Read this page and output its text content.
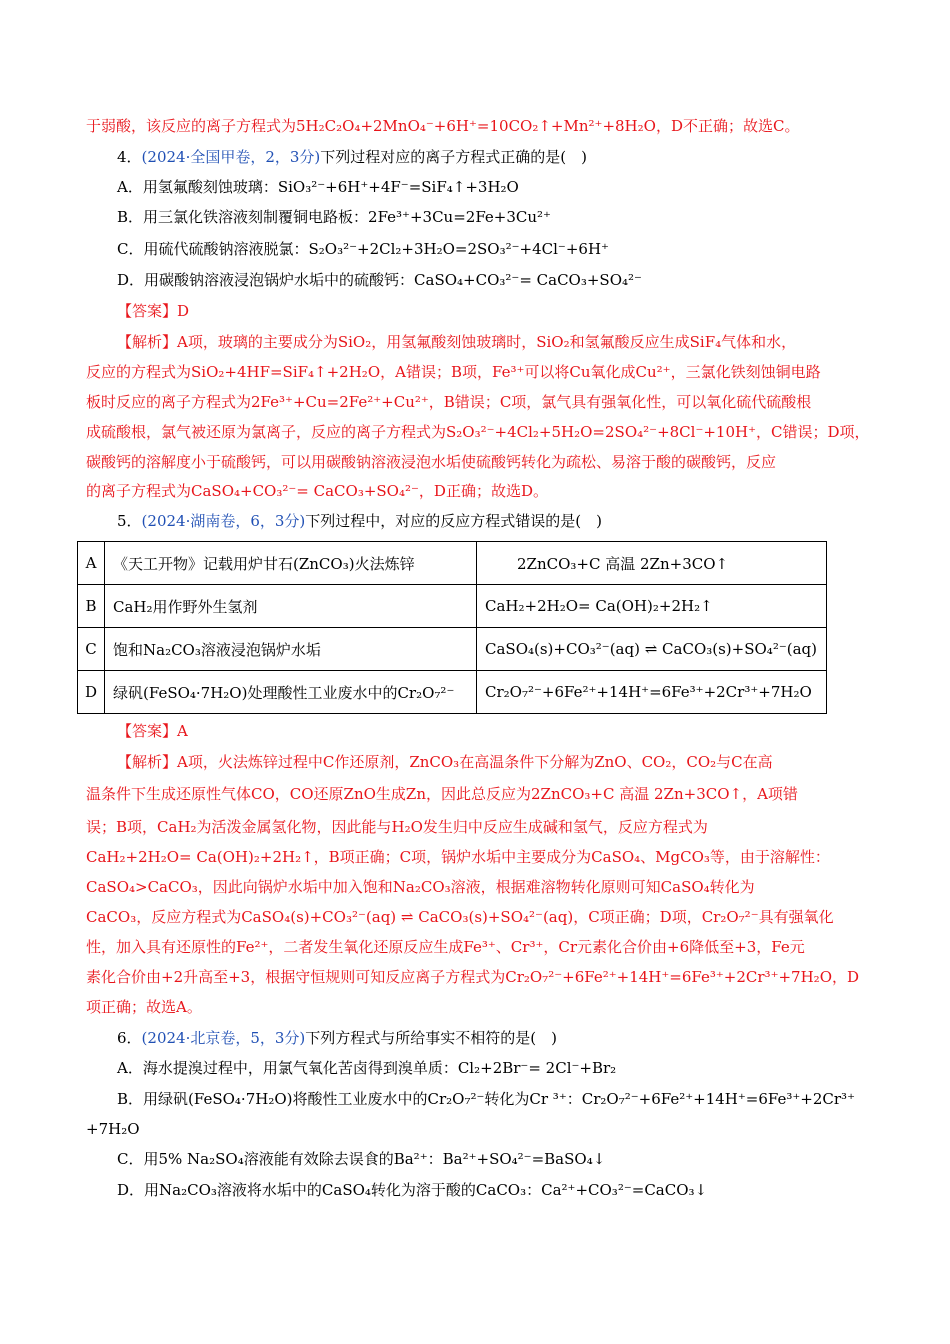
于弱酸，该反应的离子方程式为5H₂C₂O₄+2MnO₄⁻+6H⁺=10CO₂↑+Mn²⁺+8H₂O，D不正确；故选C。
4．(2024·全国甲卷，2，3分)下列过程对应的离子方程式正确的是(　)
A．用氢氟酸刻蚀玻璃：SiO₃²⁻+6H⁺+4F⁻=SiF₄↑+3H₂O
B．用三氯化铁溶液刻制覆铜电路板：2Fe³⁺+3Cu=2Fe+3Cu²⁺
C．用硫代硫酸钠溶液脱氯：S₂O₃²⁻+2Cl₂+3H₂O=2SO₃²⁻+4Cl⁻+6H⁺
D．用碳酸钠溶液浸泡锅炉水垢中的硫酸钙：CaSO₄+CO₃²⁻= CaCO₃+SO₄²⁻
【答案】D
【解析】A项，玻璃的主要成分为SiO₂，用氢氟酸刻蚀玻璃时，SiO₂和氢氟酸反应生成SiF₄气体和水，
反应的方程式为SiO₂+4HF=SiF₄↑+2H₂O，A错误；B项，Fe³⁺可以将Cu氧化成Cu²⁺，三氯化铁刻蚀铜电路
板时反应的离子方程式为2Fe³⁺+Cu=2Fe²⁺+Cu²⁺，B错误；C项，氯气具有强氧化性，可以氧化硫代硫酸根
成硫酸根，氯气被还原为氯离子，反应的离子方程式为S₂O₃²⁻+4Cl₂+5H₂O=2SO₄²⁻+8Cl⁻+10H⁺，C错误；D项，
碳酸钙的溶解度小于硫酸钙，可以用碳酸钠溶液浸泡水垢使硫酸钙转化为疏松、易溶于酸的碳酸钙，反应
的离子方程式为CaSO₄+CO₃²⁻= CaCO₃+SO₄²⁻，D正确；故选D。
5．(2024·湖南卷，6，3分)下列过程中，对应的反应方程式错误的是(　)
A	《天工开物》记载用炉甘石(ZnCO₃)火法炼锌	2ZnCO₃+C 高温 2Zn+3CO↑
B	CaH₂用作野外生氢剂	CaH₂+2H₂O= Ca(OH)₂+2H₂↑
C	饱和Na₂CO₃溶液浸泡锅炉水垢	CaSO₄(s)+CO₃²⁻(aq) ⇌ CaCO₃(s)+SO₄²⁻(aq)
D	绿矾(FeSO₄·7H₂O)处理酸性工业废水中的Cr₂O₇²⁻	Cr₂O₇²⁻+6Fe²⁺+14H⁺=6Fe³⁺+2Cr³⁺+7H₂O
【答案】A
【解析】A项，火法炼锌过程中C作还原剂，ZnCO₃在高温条件下分解为ZnO、CO₂，CO₂与C在高
温条件下生成还原性气体CO，CO还原ZnO生成Zn，因此总反应为2ZnCO₃+C 高温 2Zn+3CO↑，A项错
误；B项，CaH₂为活泼金属氢化物，因此能与H₂O发生归中反应生成碱和氢气，反应方程式为
CaH₂+2H₂O= Ca(OH)₂+2H₂↑，B项正确；C项，锅炉水垢中主要成分为CaSO₄、MgCO₃等，由于溶解性：
CaSO₄>CaCO₃，因此向锅炉水垢中加入饱和Na₂CO₃溶液，根据难溶物转化原则可知CaSO₄转化为
CaCO₃，反应方程式为CaSO₄(s)+CO₃²⁻(aq) ⇌ CaCO₃(s)+SO₄²⁻(aq)，C项正确；D项，Cr₂O₇²⁻具有强氧化
性，加入具有还原性的Fe²⁺，二者发生氧化还原反应生成Fe³⁺、Cr³⁺，Cr元素化合价由+6降低至+3，Fe元
素化合价由+2升高至+3，根据守恒规则可知反应离子方程式为Cr₂O₇²⁻+6Fe²⁺+14H⁺=6Fe³⁺+2Cr³⁺+7H₂O，D
项正确；故选A。
6．(2024·北京卷，5，3分)下列方程式与所给事实不相符的是(　)
A．海水提溴过程中，用氯气氧化苦卤得到溴单质：Cl₂+2Br⁻= 2Cl⁻+Br₂
B．用绿矾(FeSO₄·7H₂O)将酸性工业废水中的Cr₂O₇²⁻转化为Cr ³⁺：Cr₂O₇²⁻+6Fe²⁺+14H⁺=6Fe³⁺+2Cr³⁺
+7H₂O
C．用5% Na₂SO₄溶液能有效除去误食的Ba²⁺：Ba²⁺+SO₄²⁻=BaSO₄↓
D．用Na₂CO₃溶液将水垢中的CaSO₄转化为溶于酸的CaCO₃：Ca²⁺+CO₃²⁻=CaCO₃↓
